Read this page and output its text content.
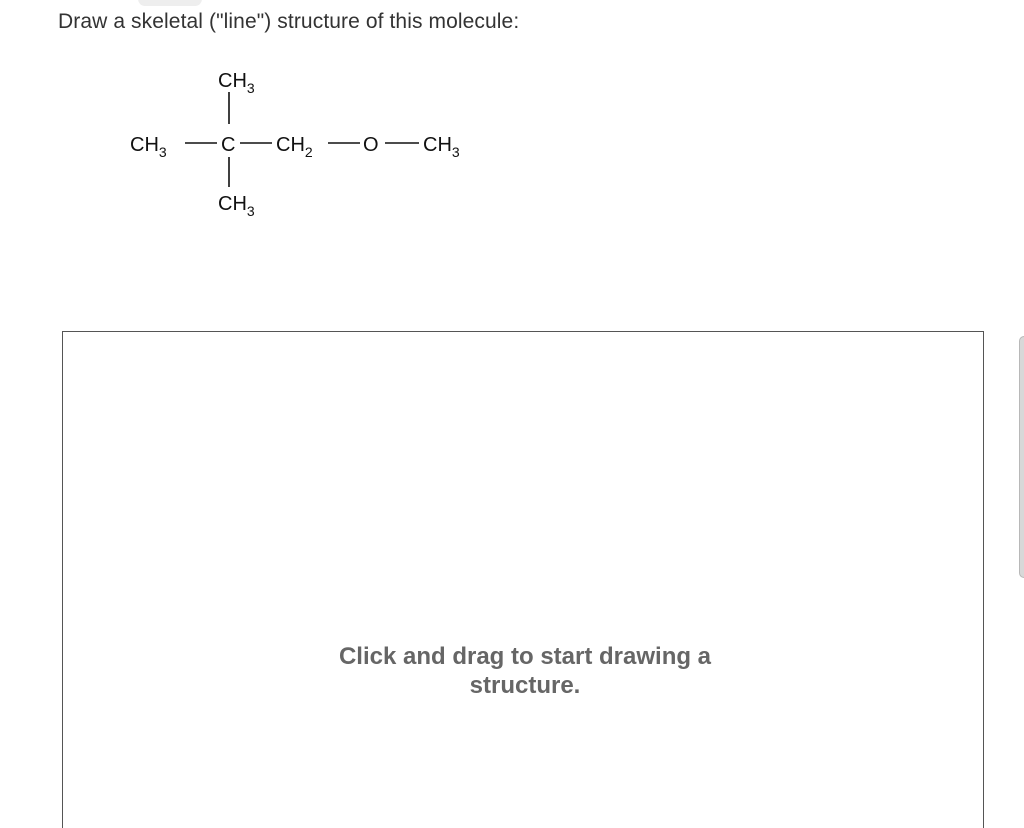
Draw a skeletal ("line") structure of this molecule:
$CH_3$
$CH_3$	C $CH_2$	O $CH_3$
$CH_3$
Click and drag to start drawing a structure.
